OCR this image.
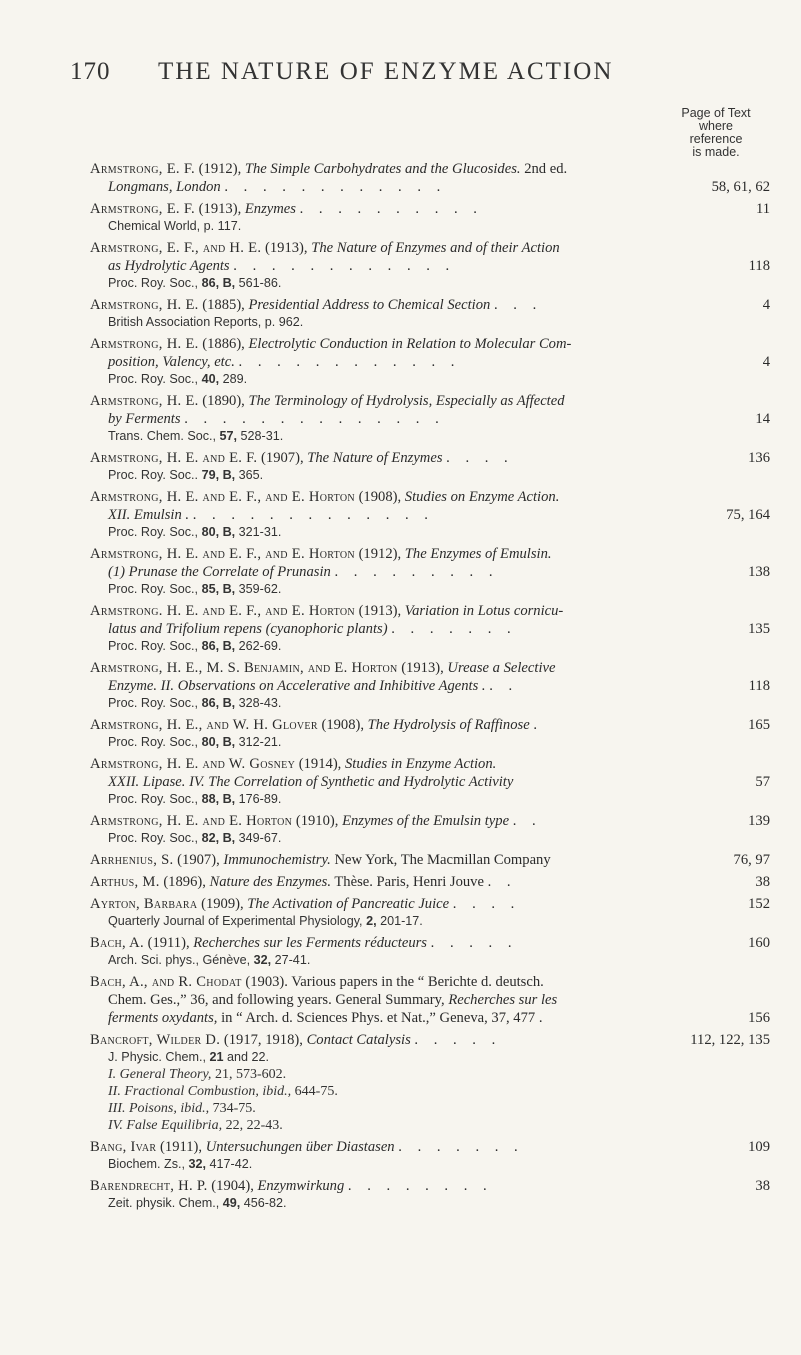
170 THE NATURE OF ENZYME ACTION
Page of Text
where
reference
is made.
Armstrong, E. F. (1912), The Simple Carbohydrates and the Glucosides. 2nd ed.
Longmans, London . . . . . . . . . . . .	58, 61, 62
Armstrong, E. F. (1913), Enzymes . . . . . . . . . .	11
Chemical World, p. 117.
Armstrong, E. F., and H. E. (1913), The Nature of Enzymes and of their Action
as Hydrolytic Agents . . . . . . . . . . . .	118
Proc. Roy. Soc., 86, B, 561-86.
Armstrong, H. E. (1885), Presidential Address to Chemical Section . . .	4
British Association Reports, p. 962.
Armstrong, H. E. (1886), Electrolytic Conduction in Relation to Molecular Com-
position, Valency, etc. . . . . . . . . . . . .	4
Proc. Roy. Soc., 40, 289.
Armstrong, H. E. (1890), The Terminology of Hydrolysis, Especially as Affected
by Ferments . . . . . . . . . . . . . .	14
Trans. Chem. Soc., 57, 528-31.
Armstrong, H. E. and E. F. (1907), The Nature of Enzymes . . . .	136
Proc. Roy. Soc.. 79, B, 365.
Armstrong, H. E. and E. F., and E. Horton (1908), Studies on Enzyme Action.
XII. Emulsin . . . . . . . . . . . . . .	75, 164
Proc. Roy. Soc., 80, B, 321-31.
Armstrong, H. E. and E. F., and E. Horton (1912), The Enzymes of Emulsin.
(1) Prunase the Correlate of Prunasin . . . . . . . . .	138
Proc. Roy. Soc., 85, B, 359-62.
Armstrong. H. E. and E. F., and E. Horton (1913), Variation in Lotus cornicu-
latus and Trifolium repens (cyanophoric plants) . . . . . . .	135
Proc. Roy. Soc., 86, B, 262-69.
Armstrong, H. E., M. S. Benjamin, and E. Horton (1913), Urease a Selective
Enzyme. II. Observations on Accelerative and Inhibitive Agents . . .	118
Proc. Roy. Soc., 86, B, 328-43.
Armstrong, H. E., and W. H. Glover (1908), The Hydrolysis of Raffinose .	165
Proc. Roy. Soc., 80, B, 312-21.
Armstrong, H. E. and W. Gosney (1914), Studies in Enzyme Action.
XXII. Lipase. IV. The Correlation of Synthetic and Hydrolytic Activity	57
Proc. Roy. Soc., 88, B, 176-89.
Armstrong, H. E. and E. Horton (1910), Enzymes of the Emulsin type . .	139
Proc. Roy. Soc., 82, B, 349-67.
Arrhenius, S. (1907), Immunochemistry. New York, The Macmillan Company	76, 97
Arthus, M. (1896), Nature des Enzymes. Thèse. Paris, Henri Jouve . .	38
Ayrton, Barbara (1909), The Activation of Pancreatic Juice . . . .	152
Quarterly Journal of Experimental Physiology, 2, 201-17.
Bach, A. (1911), Recherches sur les Ferments réducteurs . . . . .	160
Arch. Sci. phys., Génève, 32, 27-41.
Bach, A., and R. Chodat (1903). Various papers in the “ Berichte d. deutsch.
Chem. Ges.,” 36, and following years. General Summary, Recherches sur les
ferments oxydants, in “ Arch. d. Sciences Phys. et Nat.,” Geneva, 37, 477 .	156
Bancroft, Wilder D. (1917, 1918), Contact Catalysis . . . . .	112, 122, 135
J. Physic. Chem., 21 and 22.
I. General Theory, 21, 573-602.
II. Fractional Combustion, ibid., 644-75.
III. Poisons, ibid., 734-75.
IV. False Equilibria, 22, 22-43.
Bang, Ivar (1911), Untersuchungen über Diastasen . . . . . . .	109
Biochem. Zs., 32, 417-42.
Barendrecht, H. P. (1904), Enzymwirkung . . . . . . . .	38
Zeit. physik. Chem., 49, 456-82.
